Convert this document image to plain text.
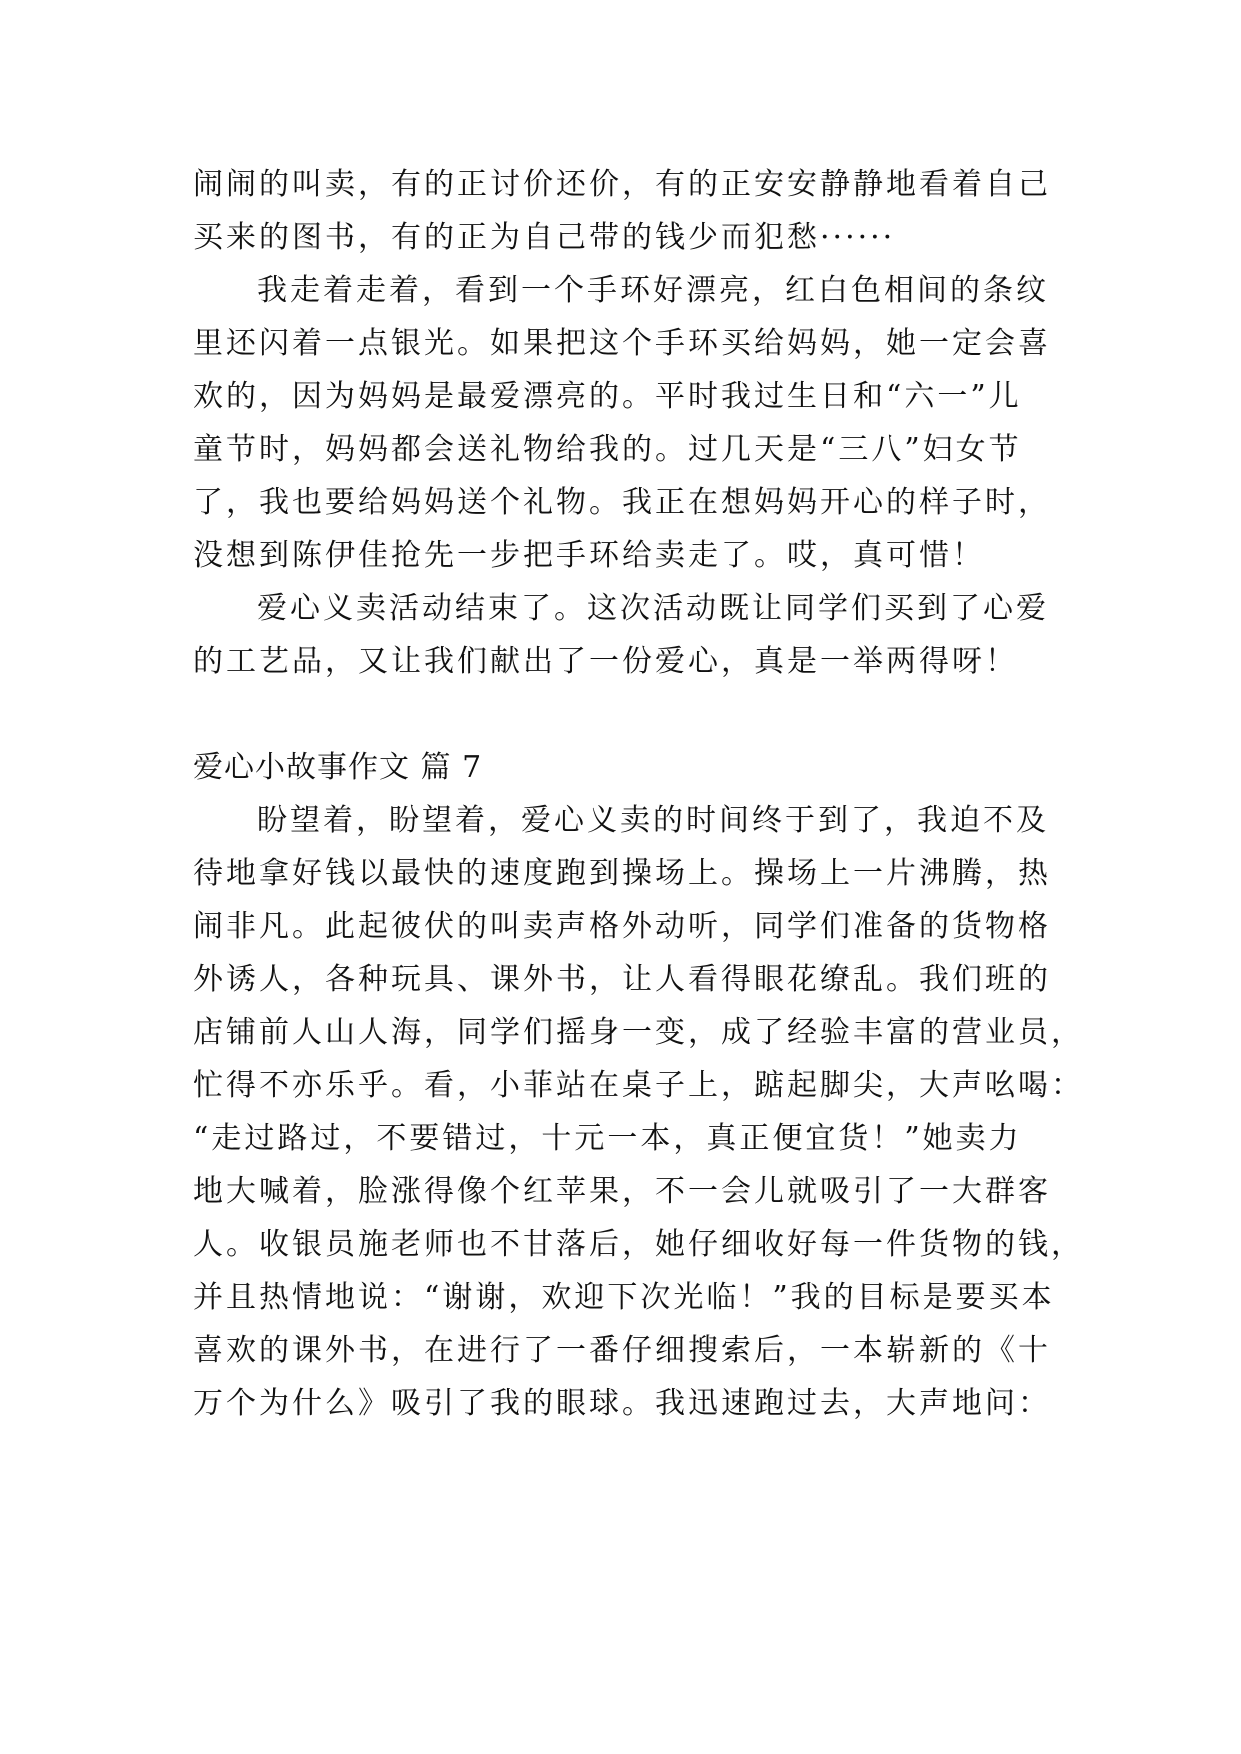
闹闹的叫卖，有的正讨价还价，有的正安安静静地看着自己
买来的图书，有的正为自己带的钱少而犯愁······
我走着走着，看到一个手环好漂亮，红白色相间的条纹
里还闪着一点银光。如果把这个手环买给妈妈，她一定会喜
欢的，因为妈妈是最爱漂亮的。平时我过生日和“六一”儿
童节时，妈妈都会送礼物给我的。过几天是“三八”妇女节
了，我也要给妈妈送个礼物。我正在想妈妈开心的样子时，
没想到陈伊佳抢先一步把手环给卖走了。哎，真可惜！
爱心义卖活动结束了。这次活动既让同学们买到了心爱
的工艺品，又让我们献出了一份爱心，真是一举两得呀！
爱心小故事作文 篇 7
盼望着，盼望着，爱心义卖的时间终于到了，我迫不及
待地拿好钱以最快的速度跑到操场上。操场上一片沸腾，热
闹非凡。此起彼伏的叫卖声格外动听，同学们准备的货物格
外诱人，各种玩具、课外书，让人看得眼花缭乱。我们班的
店铺前人山人海，同学们摇身一变，成了经验丰富的营业员，
忙得不亦乐乎。看，小菲站在桌子上，踮起脚尖，大声吆喝：
“走过路过，不要错过，十元一本，真正便宜货！”她卖力
地大喊着，脸涨得像个红苹果，不一会儿就吸引了一大群客
人。收银员施老师也不甘落后，她仔细收好每一件货物的钱，
并且热情地说：“谢谢，欢迎下次光临！”我的目标是要买本
喜欢的课外书，在进行了一番仔细搜索后，一本崭新的《十
万个为什么》吸引了我的眼球。我迅速跑过去，大声地问：
